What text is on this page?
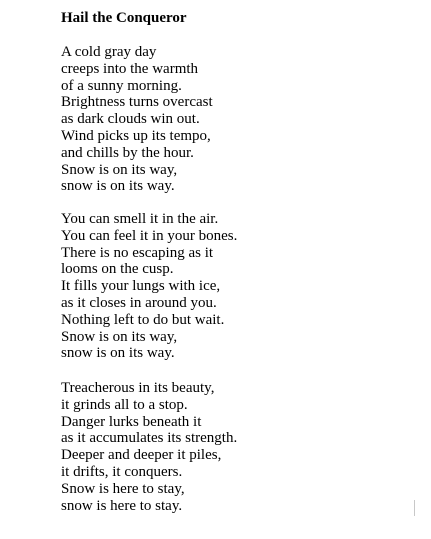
Hail the Conqueror
A cold gray day
creeps into the warmth
of a sunny morning.
Brightness turns overcast
as dark clouds win out.
Wind picks up its tempo,
and chills by the hour.
Snow is on its way,
snow is on its way.
You can smell it in the air.
You can feel it in your bones.
There is no escaping as it
looms on the cusp.
It fills your lungs with ice,
as it closes in around you.
Nothing left to do but wait.
Snow is on its way,
snow is on its way.
Treacherous in its beauty,
it grinds all to a stop.
Danger lurks beneath it
as it accumulates its strength.
Deeper and deeper it piles,
it drifts, it conquers.
Snow is here to stay,
snow is here to stay.
